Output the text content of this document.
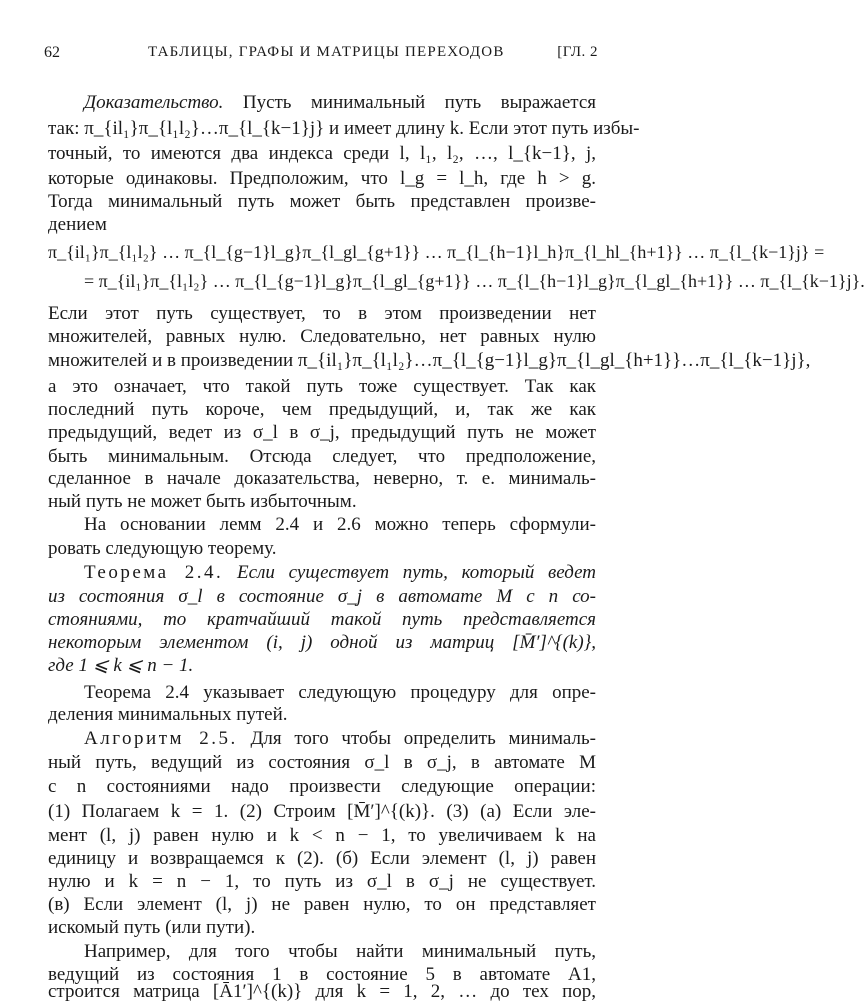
62	ТАБЛИЦЫ, ГРАФЫ И МАТРИЦЫ ПЕРЕХОДОВ	[ГЛ. 2
Доказательство. Пусть минимальный путь выражается
так: π_{il₁}π_{l₁l₂}…π_{l_{k−1}j} и имеет длину k. Если этот путь избы-
точный, то имеются два индекса среди l, l₁, l₂, …, l_{k−1}, j,
которые одинаковы. Предположим, что l_g = l_h, где h > g.
Тогда минимальный путь может быть представлен произве-
дением
π_{il₁}π_{l₁l₂} … π_{l_{g−1}l_g}π_{l_gl_{g+1}} … π_{l_{h−1}l_h}π_{l_hl_{h+1}} … π_{l_{k−1}j} =
= π_{il₁}π_{l₁l₂} … π_{l_{g−1}l_g}π_{l_gl_{g+1}} … π_{l_{h−1}l_g}π_{l_gl_{h+1}} … π_{l_{k−1}j}.
Если этот путь существует, то в этом произведении нет
множителей, равных нулю. Следовательно, нет равных нулю
множителей и в произведении π_{il₁}π_{l₁l₂}…π_{l_{g−1}l_g}π_{l_gl_{h+1}}…π_{l_{k−1}j},
а это означает, что такой путь тоже существует. Так как
последний путь короче, чем предыдущий, и, так же как
предыдущий, ведет из σ_l в σ_j, предыдущий путь не может
быть минимальным. Отсюда следует, что предположение,
сделанное в начале доказательства, неверно, т. е. минималь-
ный путь не может быть избыточным.
На основании лемм 2.4 и 2.6 можно теперь сформули-
ровать следующую теорему.
Теорема 2.4. Если существует путь, который ведет
из состояния σ_l в состояние σ_j в автомате M с n со-
стояниями, то кратчайший такой путь представляется
некоторым элементом (i, j) одной из матриц [M̄′]^{(k)},
где 1 ⩽ k ⩽ n − 1.
Теорема 2.4 указывает следующую процедуру для опре-
деления минимальных путей.
Алгоритм 2.5. Для того чтобы определить минималь-
ный путь, ведущий из состояния σ_l в σ_j, в автомате M
с n состояниями надо произвести следующие операции:
(1) Полагаем k = 1. (2) Строим [M̄′]^{(k)}. (3) (а) Если эле-
мент (l, j) равен нулю и k < n − 1, то увеличиваем k на
единицу и возвращаемся к (2). (б) Если элемент (l, j) равен
нулю и k = n − 1, то путь из σ_l в σ_j не существует.
(в) Если элемент (l, j) не равен нулю, то он представляет
искомый путь (или пути).
Например, для того чтобы найти минимальный путь,
ведущий из состояния 1 в состояние 5 в автомате A1,
строится матрица [Ā1′]^{(k)} для k = 1, 2, … до тех пор,
